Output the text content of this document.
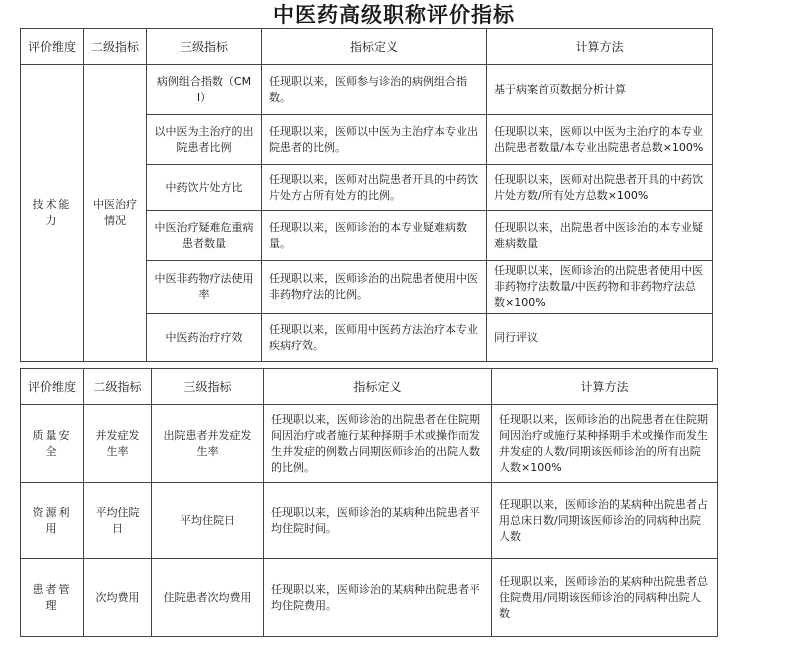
中医药高级职称评价指标
评价维度	二级指标	三级指标	指标定义	计算方法
技术能力	中医治疗情况	病例组合指数（CMI）	任现职以来，医师参与诊治的病例组合指数。	基于病案首页数据分析计算
		以中医为主治疗的出院患者比例	任现职以来，医师以中医为主治疗本专业出院患者的比例。	任现职以来，医师以中医为主治疗的本专业出院患者数量/本专业出院患者总数×100%
		中药饮片处方比	任现职以来，医师对出院患者开具的中药饮片处方占所有处方的比例。	任现职以来，医师对出院患者开具的中药饮片处方数/所有处方总数×100%
		中医治疗疑难危重病患者数量	任现职以来，医师诊治的本专业疑难病数量。	任现职以来，出院患者中医诊治的本专业疑难病数量
		中医非药物疗法使用率	任现职以来，医师诊治的出院患者使用中医非药物疗法的比例。	任现职以来，医师诊治的出院患者使用中医非药物疗法数量/中医药物和非药物疗法总数×100%
		中医药治疗疗效	任现职以来，医师用中医药方法治疗本专业疾病疗效。	同行评议
评价维度	二级指标	三级指标	指标定义	计算方法
质量安全	并发症发生率	出院患者并发症发生率	任现职以来，医师诊治的出院患者在住院期间因治疗或者施行某种择期手术或操作而发生并发症的例数占同期医师诊治的出院人数的比例。	任现职以来，医师诊治的出院患者在住院期间因治疗或施行某种择期手术或操作而发生并发症的人数/同期该医师诊治的所有出院人数×100%
资源利用	平均住院日	平均住院日	任现职以来，医师诊治的某病种出院患者平均住院时间。	任现职以来，医师诊治的某病种出院患者占用总床日数/同期该医师诊治的同病种出院人数
患者管理	次均费用	住院患者次均费用	任现职以来，医师诊治的某病种出院患者平均住院费用。	任现职以来，医师诊治的某病种出院患者总住院费用/同期该医师诊治的同病种出院人数
